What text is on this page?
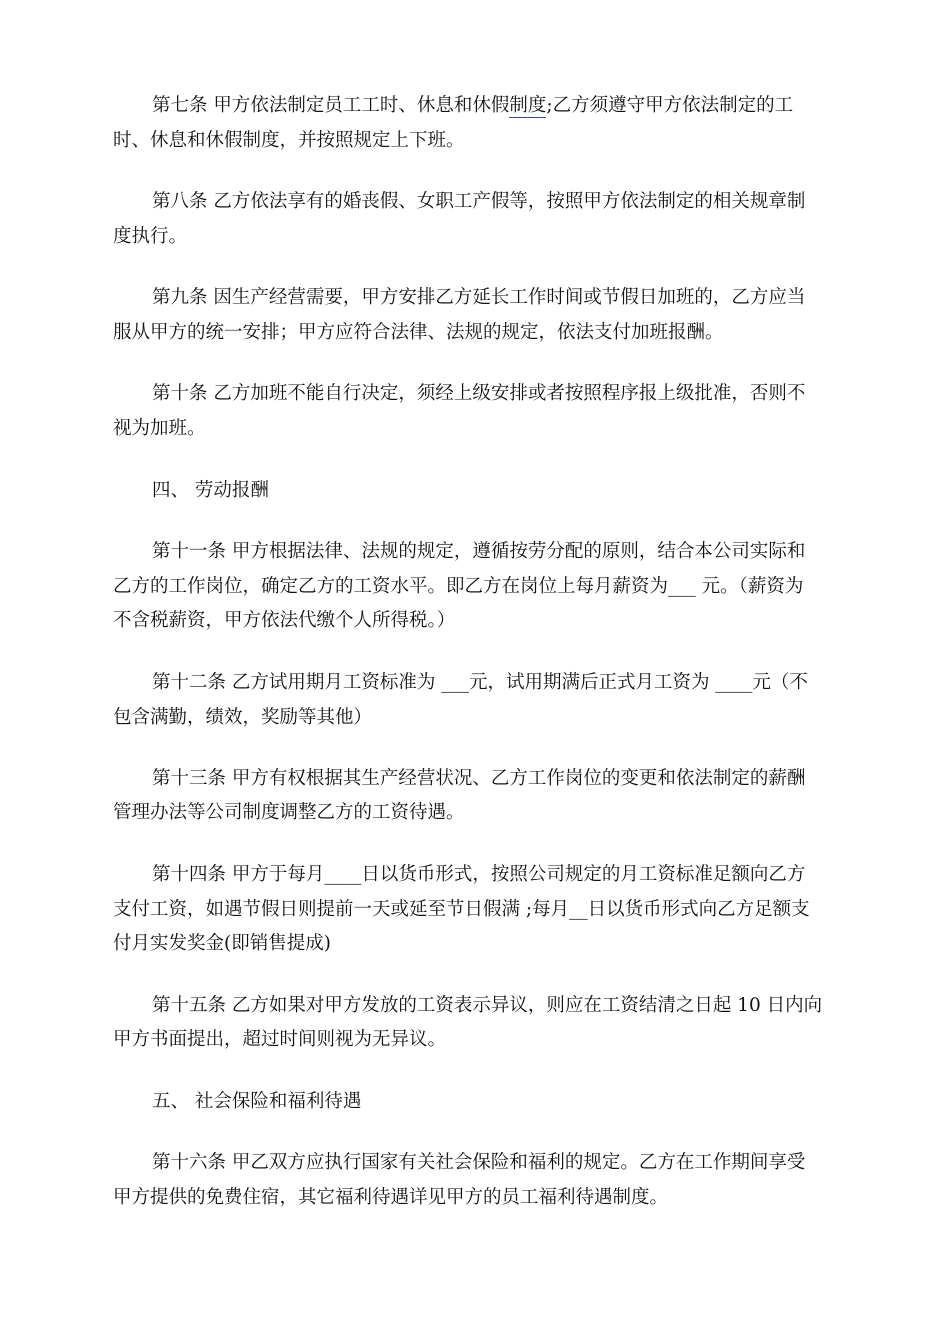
第七条 甲方依法制定员工工时、休息和休假制度;乙方须遵守甲方依法制定的工
时、休息和休假制度，并按照规定上下班。
第八条 乙方依法享有的婚丧假、女职工产假等，按照甲方依法制定的相关规章制
度执行。
第九条 因生产经营需要，甲方安排乙方延长工作时间或节假日加班的，乙方应当
服从甲方的统一安排；甲方应符合法律、法规的规定，依法支付加班报酬。
第十条 乙方加班不能自行决定，须经上级安排或者按照程序报上级批准，否则不
视为加班。
四、 劳动报酬
第十一条 甲方根据法律、法规的规定，遵循按劳分配的原则，结合本公司实际和
乙方的工作岗位，确定乙方的工资水平。即乙方在岗位上每月薪资为___ 元。（薪资为
不含税薪资，甲方依法代缴个人所得税。）
第十二条 乙方试用期月工资标准为 ___元，试用期满后正式月工资为 ____元（不
包含满勤，绩效，奖励等其他）
第十三条 甲方有权根据其生产经营状况、乙方工作岗位的变更和依法制定的薪酬
管理办法等公司制度调整乙方的工资待遇。
第十四条 甲方于每月____日以货币形式，按照公司规定的月工资标准足额向乙方
支付工资，如遇节假日则提前一天或延至节日假满 ;每月__日以货币形式向乙方足额支
付月实发奖金(即销售提成)
第十五条 乙方如果对甲方发放的工资表示异议，则应在工资结清之日起 10 日内向
甲方书面提出，超过时间则视为无异议。
五、 社会保险和福利待遇
第十六条 甲乙双方应执行国家有关社会保险和福利的规定。乙方在工作期间享受
甲方提供的免费住宿，其它福利待遇详见甲方的员工福利待遇制度。
